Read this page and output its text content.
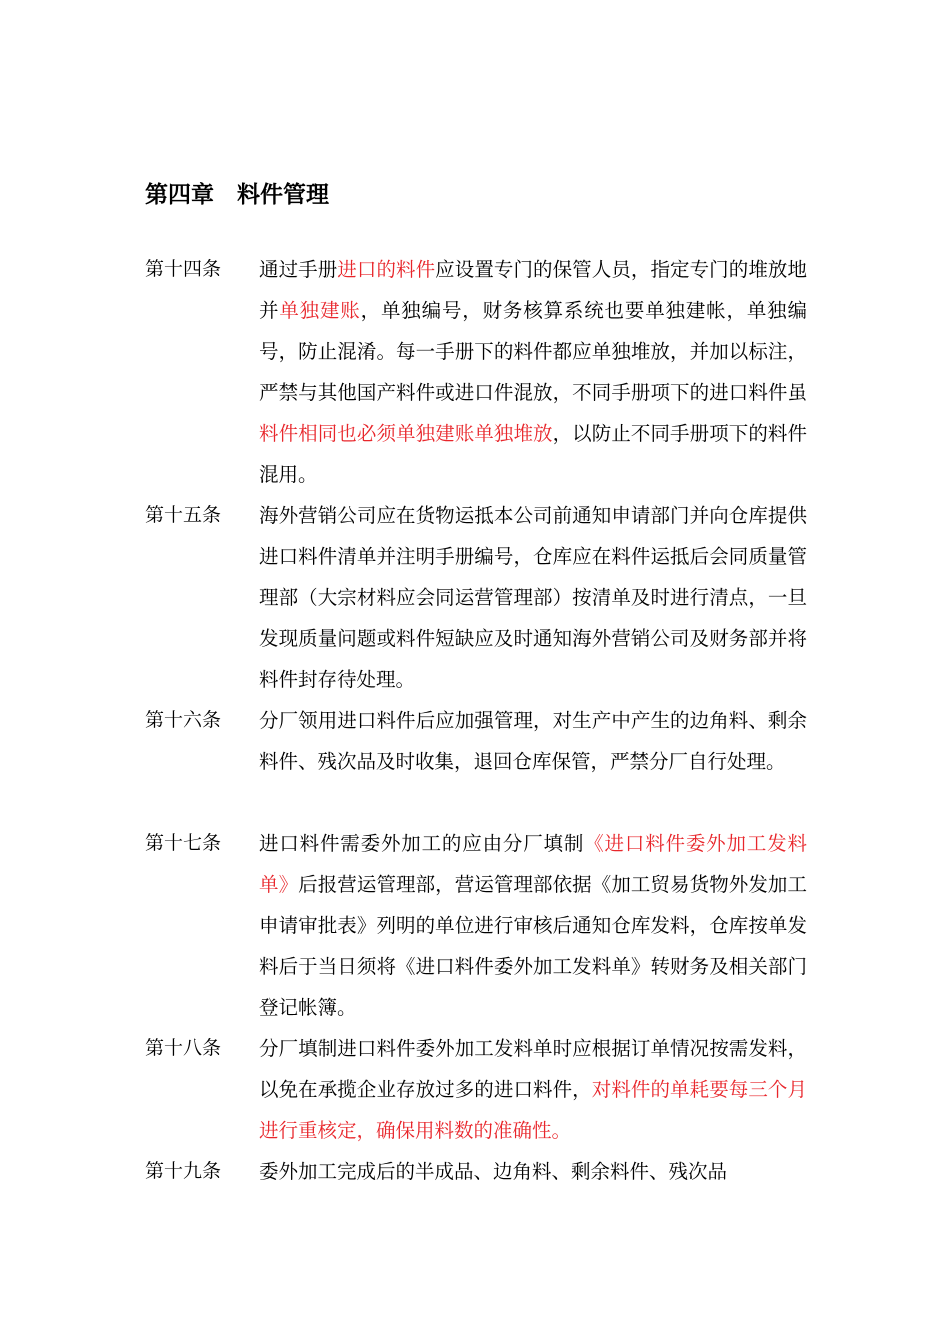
第四章　料件管理
第十四条	通过手册进口的料件应设置专门的保管人员，指定专门的堆放地并单独建账，单独编号，财务核算系统也要单独建帐，单独编号，防止混淆。每一手册下的料件都应单独堆放，并加以标注，严禁与其他国产料件或进口件混放，不同手册项下的进口料件虽料件相同也必须单独建账单独堆放，以防止不同手册项下的料件混用。
第十五条	海外营销公司应在货物运抵本公司前通知申请部门并向仓库提供进口料件清单并注明手册编号，仓库应在料件运抵后会同质量管理部（大宗材料应会同运营管理部）按清单及时进行清点，一旦发现质量问题或料件短缺应及时通知海外营销公司及财务部并将料件封存待处理。
第十六条	分厂领用进口料件后应加强管理，对生产中产生的边角料、剩余料件、残次品及时收集，退回仓库保管，严禁分厂自行处理。
第十七条	进口料件需委外加工的应由分厂填制《进口料件委外加工发料单》后报营运管理部，营运管理部依据《加工贸易货物外发加工申请审批表》列明的单位进行审核后通知仓库发料，仓库按单发料后于当日须将《进口料件委外加工发料单》转财务及相关部门登记帐簿。
第十八条	分厂填制进口料件委外加工发料单时应根据订单情况按需发料，以免在承揽企业存放过多的进口料件，对料件的单耗要每三个月进行重核定，确保用料数的准确性。
第十九条	委外加工完成后的半成品、边角料、剩余料件、残次品
